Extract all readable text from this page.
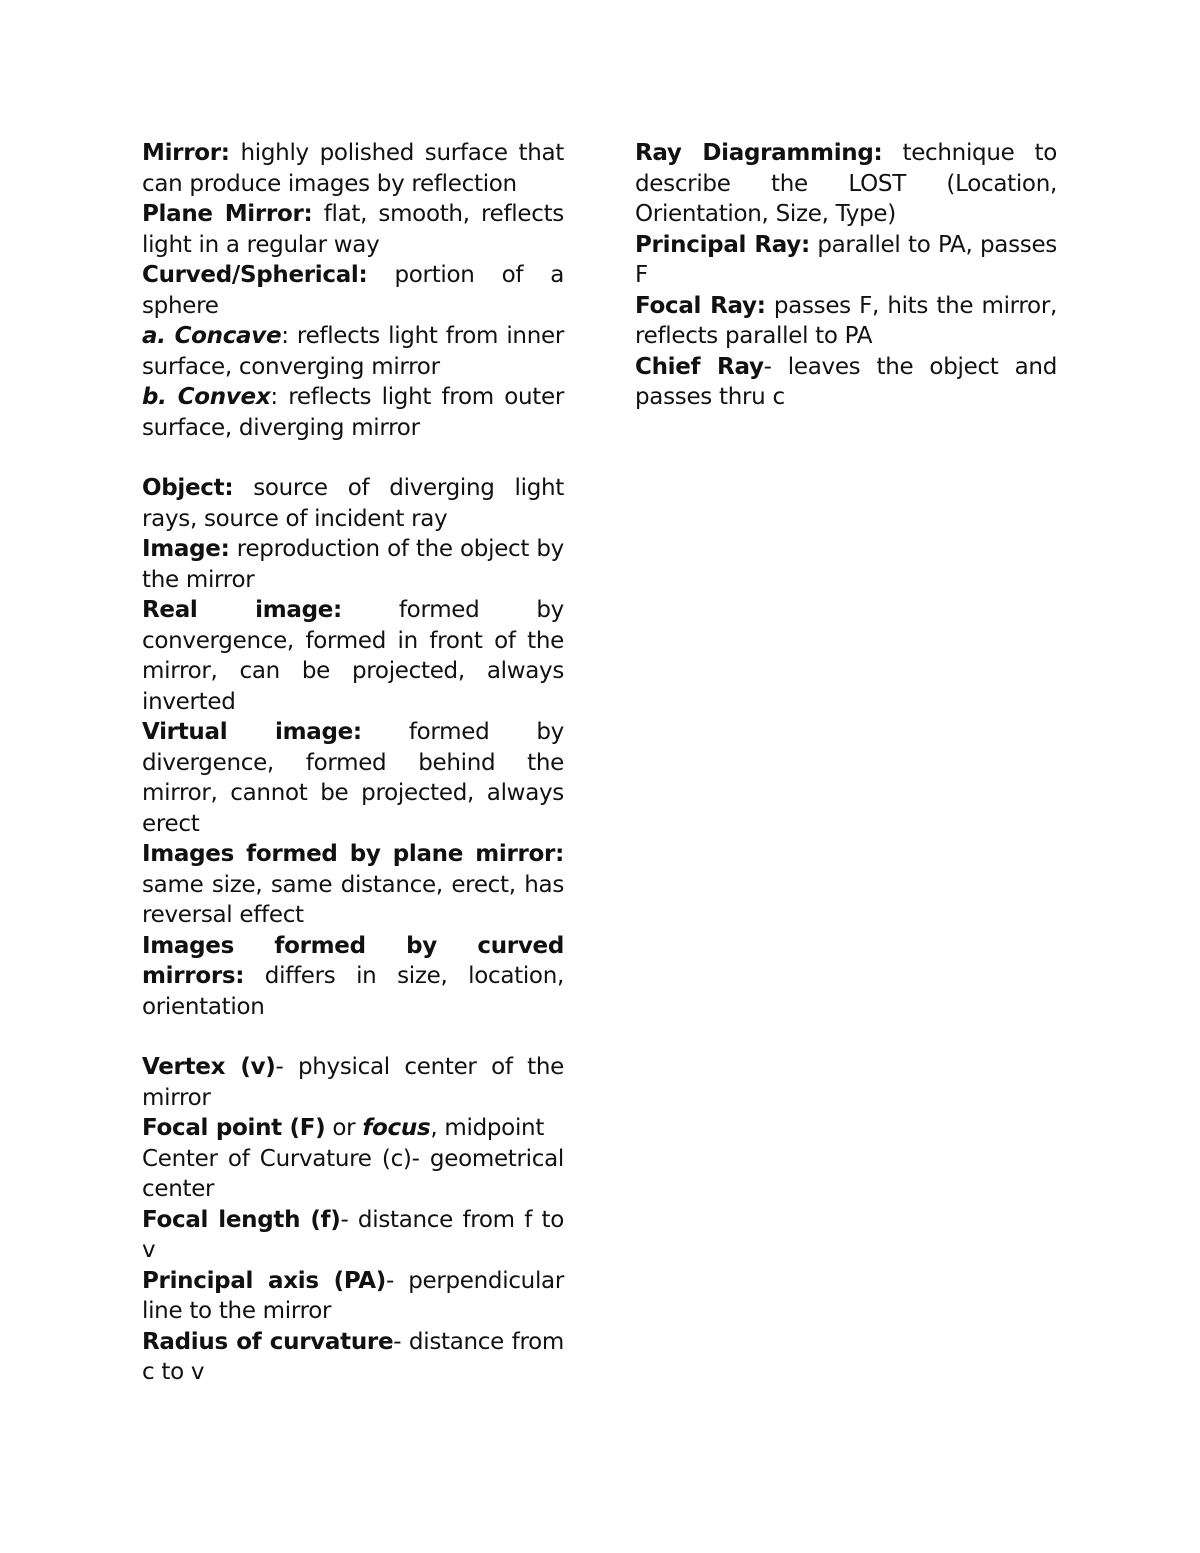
Mirror: highly polished surface that can produce images by reflection

Plane Mirror: flat, smooth, reflects light in a regular way

Curved/Spherical: portion of a sphere

a. Concave: reflects light from inner surface, converging mirror

b. Convex: reflects light from outer surface, diverging mirror

Object: source of diverging light rays, source of incident ray

Image: reproduction of the object by the mirror

Real image: formed by convergence, formed in front of the mirror, can be projected, always inverted

Virtual image: formed by divergence, formed behind the mirror, cannot be projected, always erect

Images formed by plane mirror: same size, same distance, erect, has reversal effect

Images formed by curved mirrors: differs in size, location, orientation

Vertex (v)- physical center of the mirror

Focal point (F) or focus, midpoint

Center of Curvature (c)- geometrical center

Focal length (f)- distance from f to v

Principal axis (PA)- perpendicular line to the mirror

Radius of curvature- distance from c to v

Ray Diagramming: technique to describe the LOST (Location, Orientation, Size, Type)

Principal Ray: parallel to PA, passes F

Focal Ray: passes F, hits the mirror, reflects parallel to PA

Chief Ray- leaves the object and passes thru c
